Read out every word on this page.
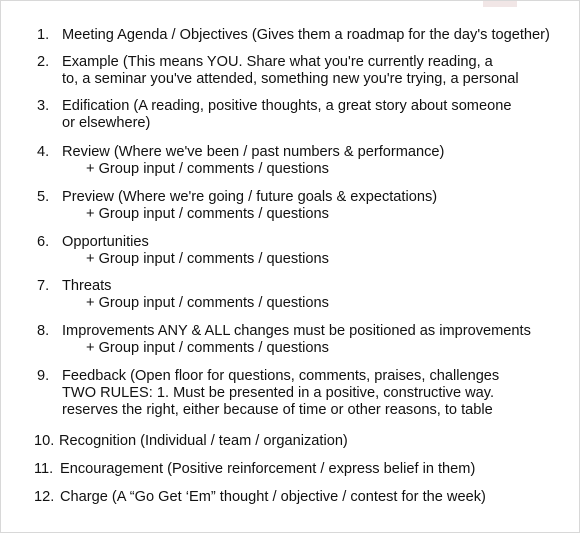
1. Meeting Agenda / Objectives (Gives them a roadmap for the day's together)
2. Example (This means YOU. Share what you're currently reading, a
to, a seminar you've attended, something new you're trying, a personal
3. Edification (A reading, positive thoughts, a great story about someone
or elsewhere)
4. Review (Where we've been / past numbers & performance)
+ Group input / comments / questions
5. Preview (Where we're going / future goals & expectations)
+ Group input / comments / questions
6. Opportunities
+ Group input / comments / questions
7. Threats
+ Group input / comments / questions
8. Improvements ANY & ALL changes must be positioned as improvements
+ Group input / comments / questions
9. Feedback (Open floor for questions, comments, praises, challenges
TWO RULES: 1. Must be presented in a positive, constructive way.
reserves the right, either because of time or other reasons, to table
10. Recognition (Individual / team / organization)
11. Encouragement (Positive reinforcement / express belief in them)
12. Charge (A “Go Get ‘Em” thought / objective / contest for the week)
